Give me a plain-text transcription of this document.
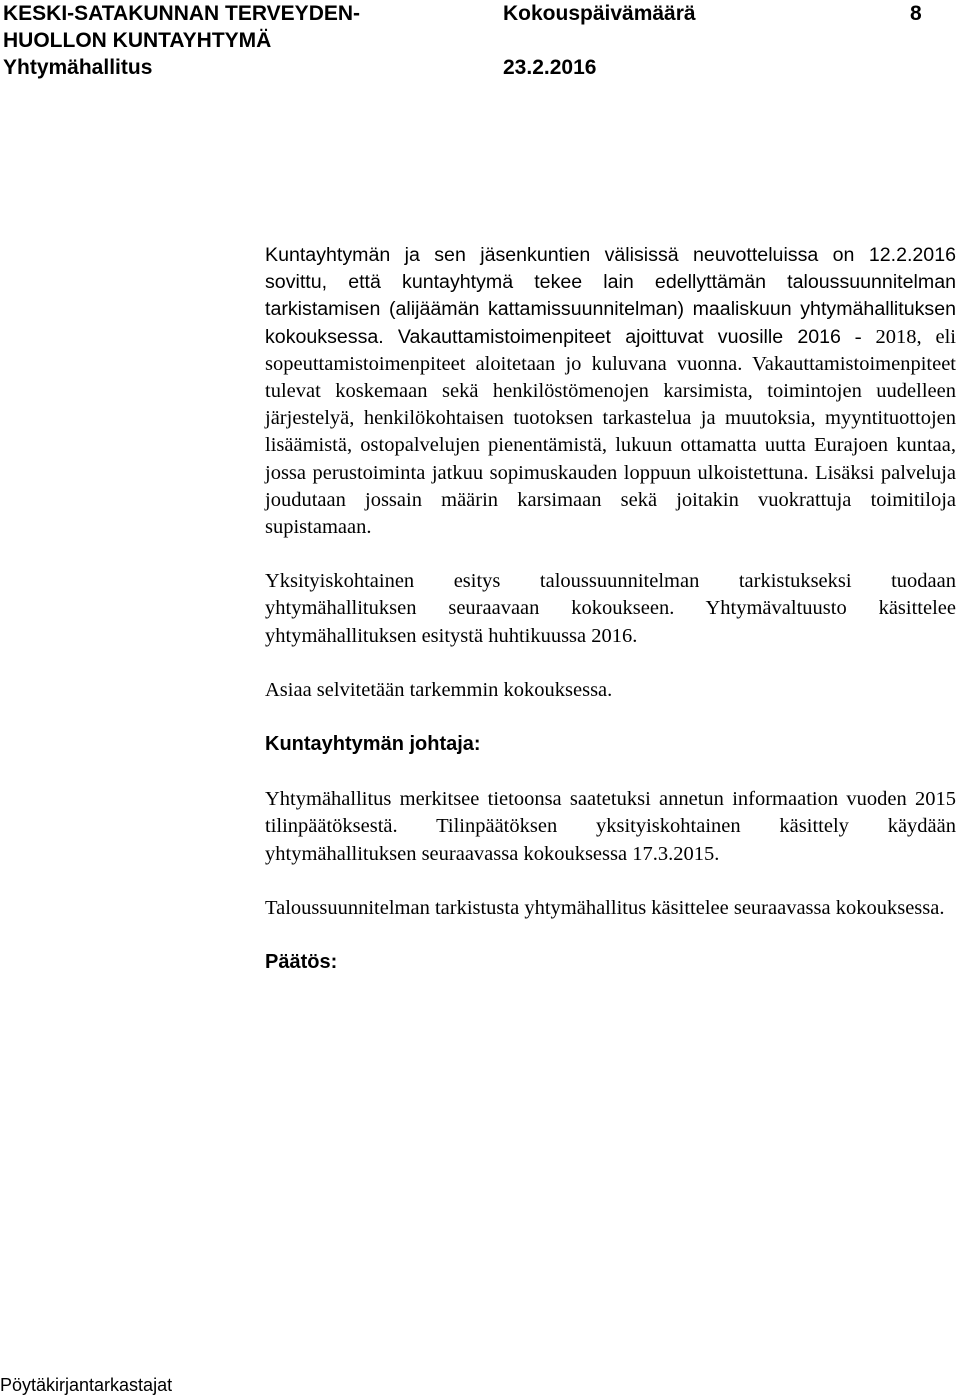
KESKI-SATAKUNNAN TERVEYDEN-
HUOLLON KUNTAYHTYMÄ
Yhtymähallitus
Kokouspäivämäärä
23.2.2016
8

Kuntayhtymän ja sen jäsenkuntien välisissä neuvotteluissa on 12.2.2016 sovittu, että kuntayhtymä tekee lain edellyttämän taloussuunnitelman tarkistamisen (alijäämän kattamissuunnitelman) maaliskuun yhtymähallituksen kokouksessa. Vakauttamistoimenpiteet ajoittuvat vuosille 2016 - 2018, eli sopeuttamistoimenpiteet aloitetaan jo kuluvana vuonna. Vakauttamistoimenpiteet tulevat koskemaan sekä henkilöstömenojen karsimista, toimintojen uudelleen järjestelyä, henkilökohtaisen tuotoksen tarkastelua ja muutoksia, myyntituottojen lisäämistä, ostopalvelujen pienentämistä, lukuun ottamatta uutta Eurajoen kuntaa, jossa perustoiminta jatkuu sopimuskauden loppuun ulkoistettuna. Lisäksi palveluja joudutaan jossain määrin karsimaan sekä joitakin vuokrattuja toimitiloja supistamaan.

Yksityiskohtainen esitys taloussuunnitelman tarkistukseksi tuodaan yhtymähallituksen seuraavaan kokoukseen. Yhtymävaltuusto käsittelee yhtymähallituksen esitystä huhtikuussa 2016.

Asiaa selvitetään tarkemmin kokouksessa.

Kuntayhtymän johtaja:

Yhtymähallitus merkitsee tietoonsa saatetuksi annetun informaation vuoden 2015 tilinpäätöksestä. Tilinpäätöksen yksityiskohtainen käsittely käydään yhtymähallituksen seuraavassa kokouksessa 17.3.2015.

Taloussuunnitelman tarkistusta yhtymähallitus käsittelee seuraavassa kokouksessa.

Päätös:

Pöytäkirjantarkastajat
